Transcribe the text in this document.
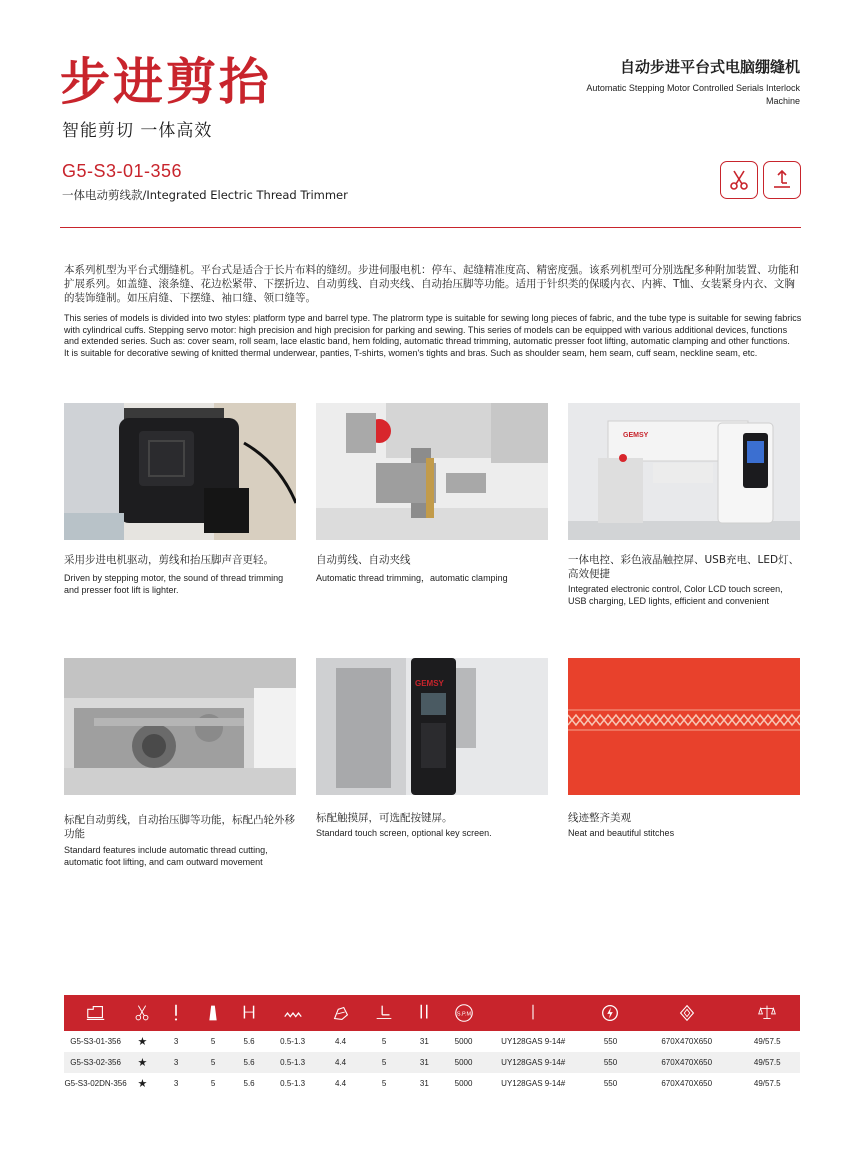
步进剪抬
智能剪切 一体高效
自动步进平台式电脑绷缝机
Automatic Stepping Motor Controlled Serials Interlock Machine
G5-S3-01-356
一体电动剪线款/Integrated Electric Thread Trimmer
本系列机型为平台式绷缝机。平台式是适合于长片布料的缝纫。步进伺服电机：停车、起缝精准度高、精密度强。该系列机型可分别选配多种附加装置、功能和扩展系列。如盖缝、滚条缝、花边松紧带、下摆折边、自动剪线、自动夹线、自动抬压脚等功能。适用于针织类的保暖内衣、内裤、T恤、女装紧身内衣、文胸的装饰缝制。如压肩缝、下摆缝、袖口缝、领口缝等。

This series of models is divided into two styles: platform type and barrel type. The platrorm type is suitable for sewing long pieces of fabric, and the tube type is suitable for sewing fabrics with cylindrical cuffs. Stepping servo motor: high precision and high precision for parking and sewing. This series of models can be equipped with various additional devices, functions and extended series. Such as: cover seam, roll seam, lace elastic band, hem folding, automatic thread trimming, automatic presser foot lifting, automatic clamping and other functions.

It is suitable for decorative sewing of knitted thermal underwear, panties, T-shirts, women's tights and bras. Such as shoulder seam, hem seam, cuff seam, neckline seam, etc.

采用步进电机驱动，剪线和抬压脚声音更轻。
Driven by stepping motor, the sound of thread trimming and presser foot lift is lighter.
自动剪线、自动夹线
Automatic thread trimming，automatic clamping
GEMSY
一体电控、彩色液晶触控屏、USB充电、LED灯、高效便捷
Integrated electronic control, Color LCD touch screen, USB charging, LED lights, efficient and convenient
标配自动剪线，自动抬压脚等功能，标配凸轮外移功能
Standard features include automatic thread cutting, automatic foot lifting, and cam outward movement
GEMSY
标配触摸屏，可选配按键屏。
Standard touch screen, optional key screen.
线迹整齐美观
Neat and beautiful stitches
S.P.M
G5-S3-01-356	★	3	5	5.6	0.5-1.3	4.4	5	31	5000	UY128GAS 9-14#	550	670X470X650	49/57.5
G5-S3-02-356	★	3	5	5.6	0.5-1.3	4.4	5	31	5000	UY128GAS 9-14#	550	670X470X650	49/57.5
G5-S3-02DN-356 ★	3	5	5.6	0.5-1.3	4.4	5	31	5000	UY128GAS 9-14#	550	670X470X650	49/57.5
